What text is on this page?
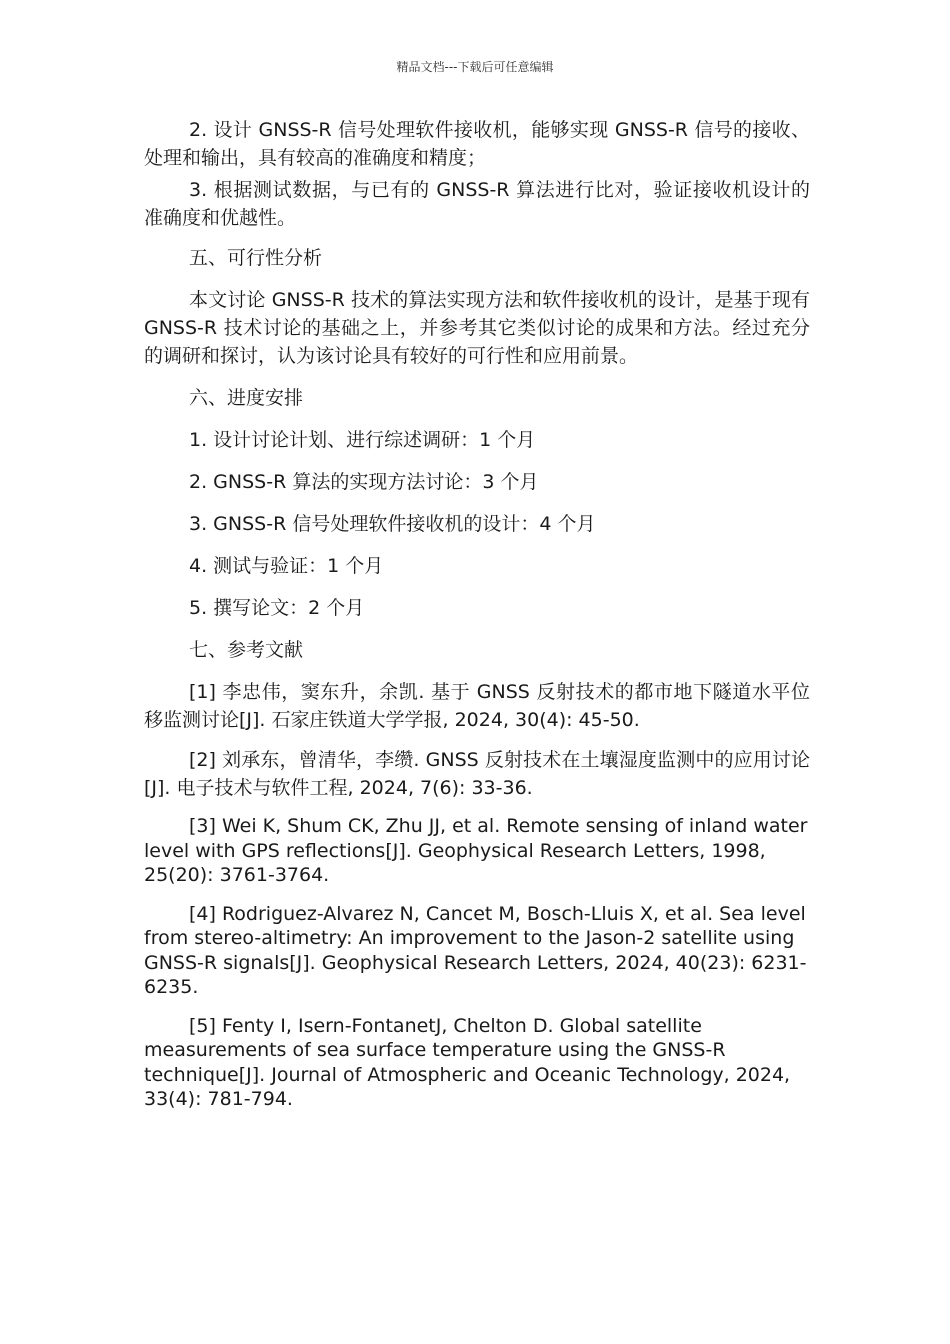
精品文档---下载后可任意编辑

2. 设计 GNSS-R 信号处理软件接收机，能够实现 GNSS-R 信号的接收、处理和输出，具有较高的准确度和精度；

3. 根据测试数据，与已有的 GNSS-R 算法进行比对，验证接收机设计的准确度和优越性。

五、可行性分析

本文讨论 GNSS-R 技术的算法实现方法和软件接收机的设计，是基于现有 GNSS-R 技术讨论的基础之上，并参考其它类似讨论的成果和方法。经过充分的调研和探讨，认为该讨论具有较好的可行性和应用前景。

六、进度安排

1. 设计讨论计划、进行综述调研：1 个月

2. GNSS-R 算法的实现方法讨论：3 个月

3. GNSS-R 信号处理软件接收机的设计：4 个月

4. 测试与验证：1 个月

5. 撰写论文：2 个月

七、参考文献

[1] 李忠伟，窦东升，余凯. 基于 GNSS 反射技术的都市地下隧道水平位移监测讨论[J]. 石家庄铁道大学学报, 2024, 30(4): 45-50.

[2] 刘承东，曾清华，李缵. GNSS 反射技术在土壤湿度监测中的应用讨论[J]. 电子技术与软件工程, 2024, 7(6): 33-36.

[3] Wei K, Shum CK, Zhu JJ, et al. Remote sensing of inland water level with GPS reflections[J]. Geophysical Research Letters, 1998, 25(20): 3761-3764.

[4] Rodriguez-Alvarez N, Cancet M, Bosch-Lluis X, et al. Sea level from stereo-altimetry: An improvement to the Jason-2 satellite using GNSS-R signals[J]. Geophysical Research Letters, 2024, 40(23): 6231-6235.

[5] Fenty I, Isern-FontanetJ, Chelton D. Global satellite measurements of sea surface temperature using the GNSS-R technique[J]. Journal of Atmospheric and Oceanic Technology, 2024, 33(4): 781-794.
